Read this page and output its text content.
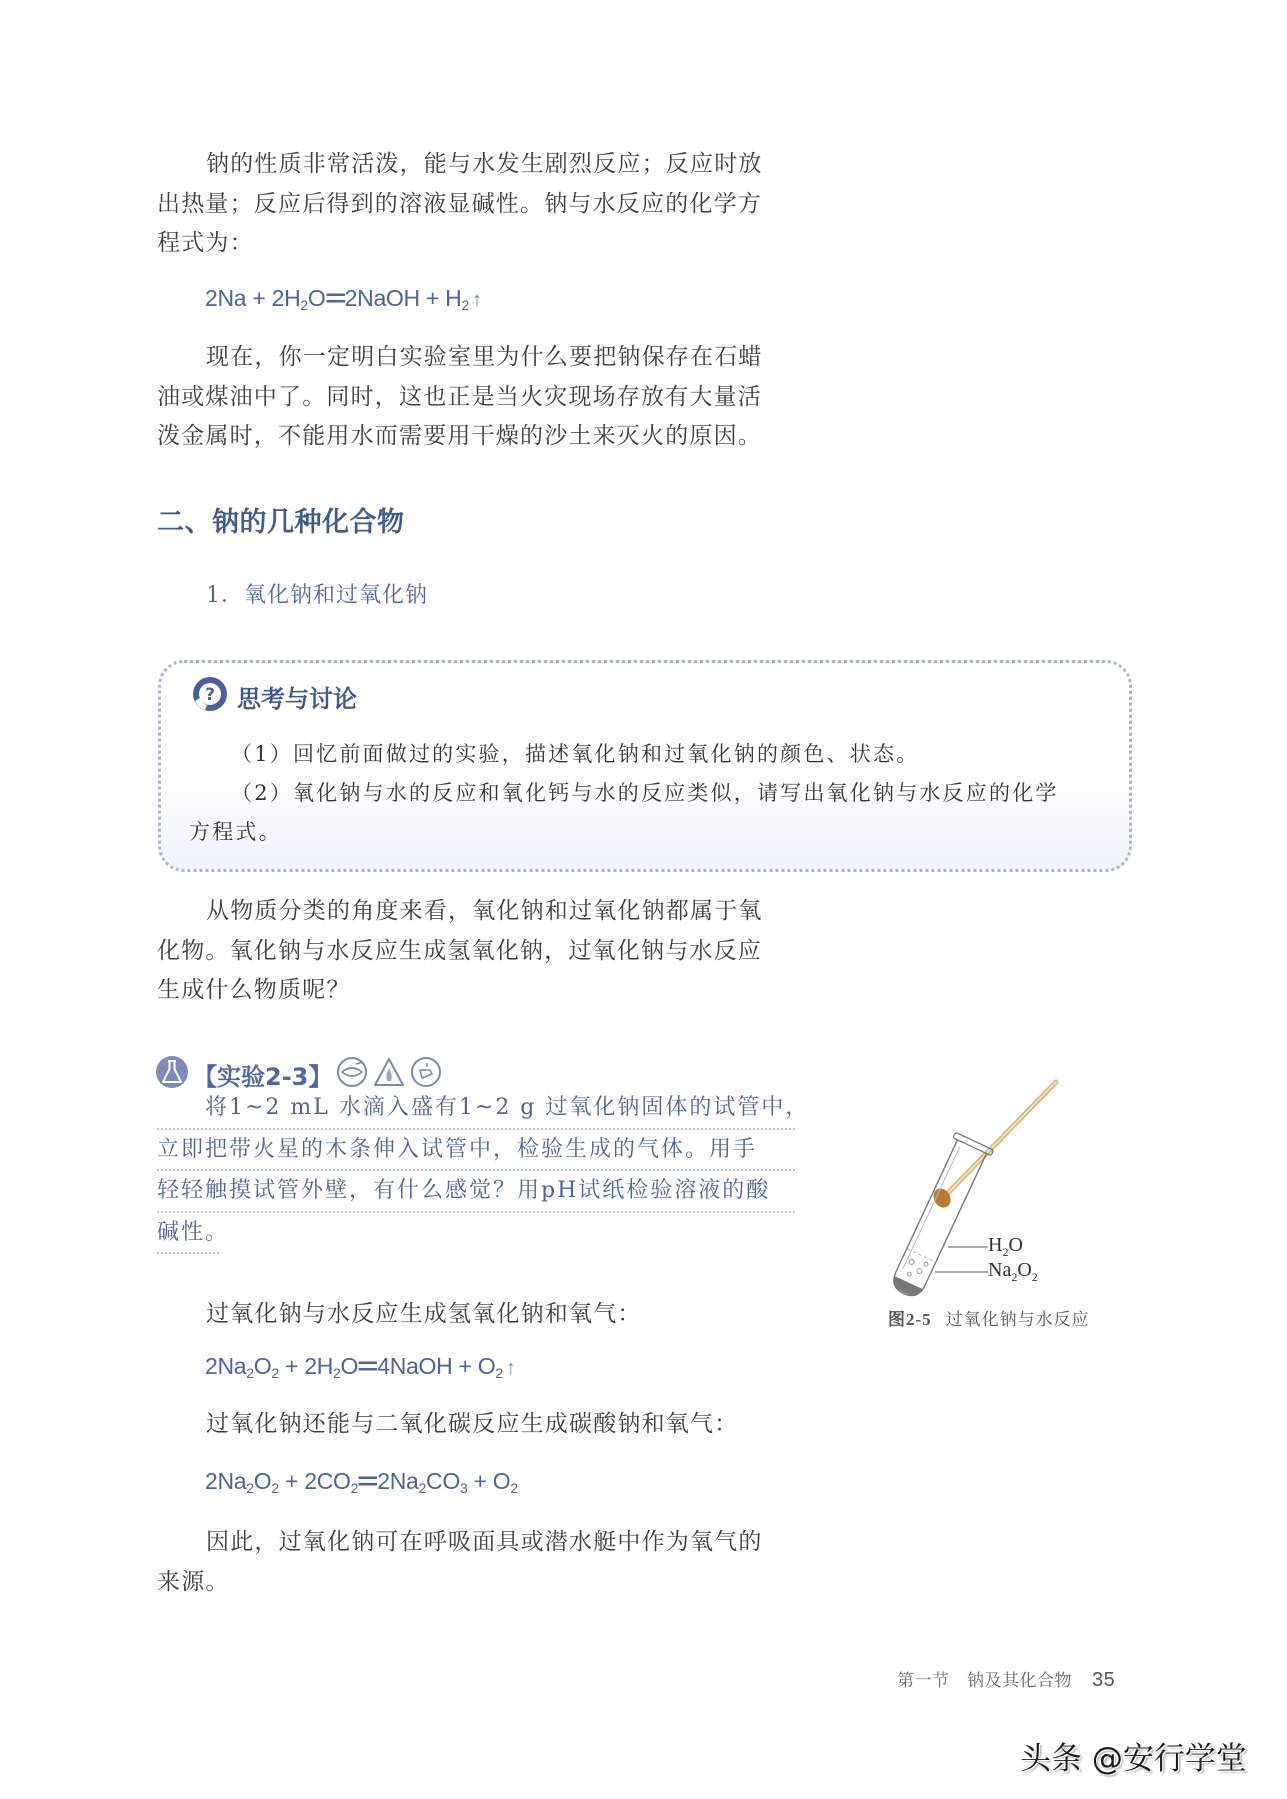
钠的性质非常活泼，能与水发生剧烈反应；反应时放
出热量；反应后得到的溶液显碱性。钠与水反应的化学方
程式为：
$2Na + 2H_2O=2NaOH + H_2$ ↑
现在，你一定明白实验室里为什么要把钠保存在石蜡
油或煤油中了。同时，这也正是当火灾现场存放有大量活
泼金属时，不能用水而需要用干燥的沙土来灭火的原因。
二、钠的几种化合物
1．氧化钠和过氧化钠
? 思考与讨论
（1）回忆前面做过的实验，描述氧化钠和过氧化钠的颜色、状态。
（2）氧化钠与水的反应和氧化钙与水的反应类似，请写出氧化钠与水反应的化学
方程式。
从物质分类的角度来看，氧化钠和过氧化钠都属于氧
化物。氧化钠与水反应生成氢氧化钠，过氧化钠与水反应
生成什么物质呢？
【实验2-3】
将1~2 mL 水滴入盛有1~2 g 过氧化钠固体的试管中，
立即把带火星的木条伸入试管中，检验生成的气体。用手
轻轻触摸试管外壁，有什么感觉？用pH试纸检验溶液的酸
碱性。
$H_2O$
$Na_2O_2$
图2-5 过氧化钠与水反应
过氧化钠与水反应生成氢氧化钠和氧气：
$2Na_2O_2$ + $2H_2O=4NaOH + O_2$ ↑
过氧化钠还能与二氧化碳反应生成碳酸钠和氧气：
$2Na_2O_2 + 2CO_2=2Na_2CO_3 + O_2$
因此，过氧化钠可在呼吸面具或潜水艇中作为氧气的
来源。
第一节　钠及其化合物 35
头条 @安行学堂
